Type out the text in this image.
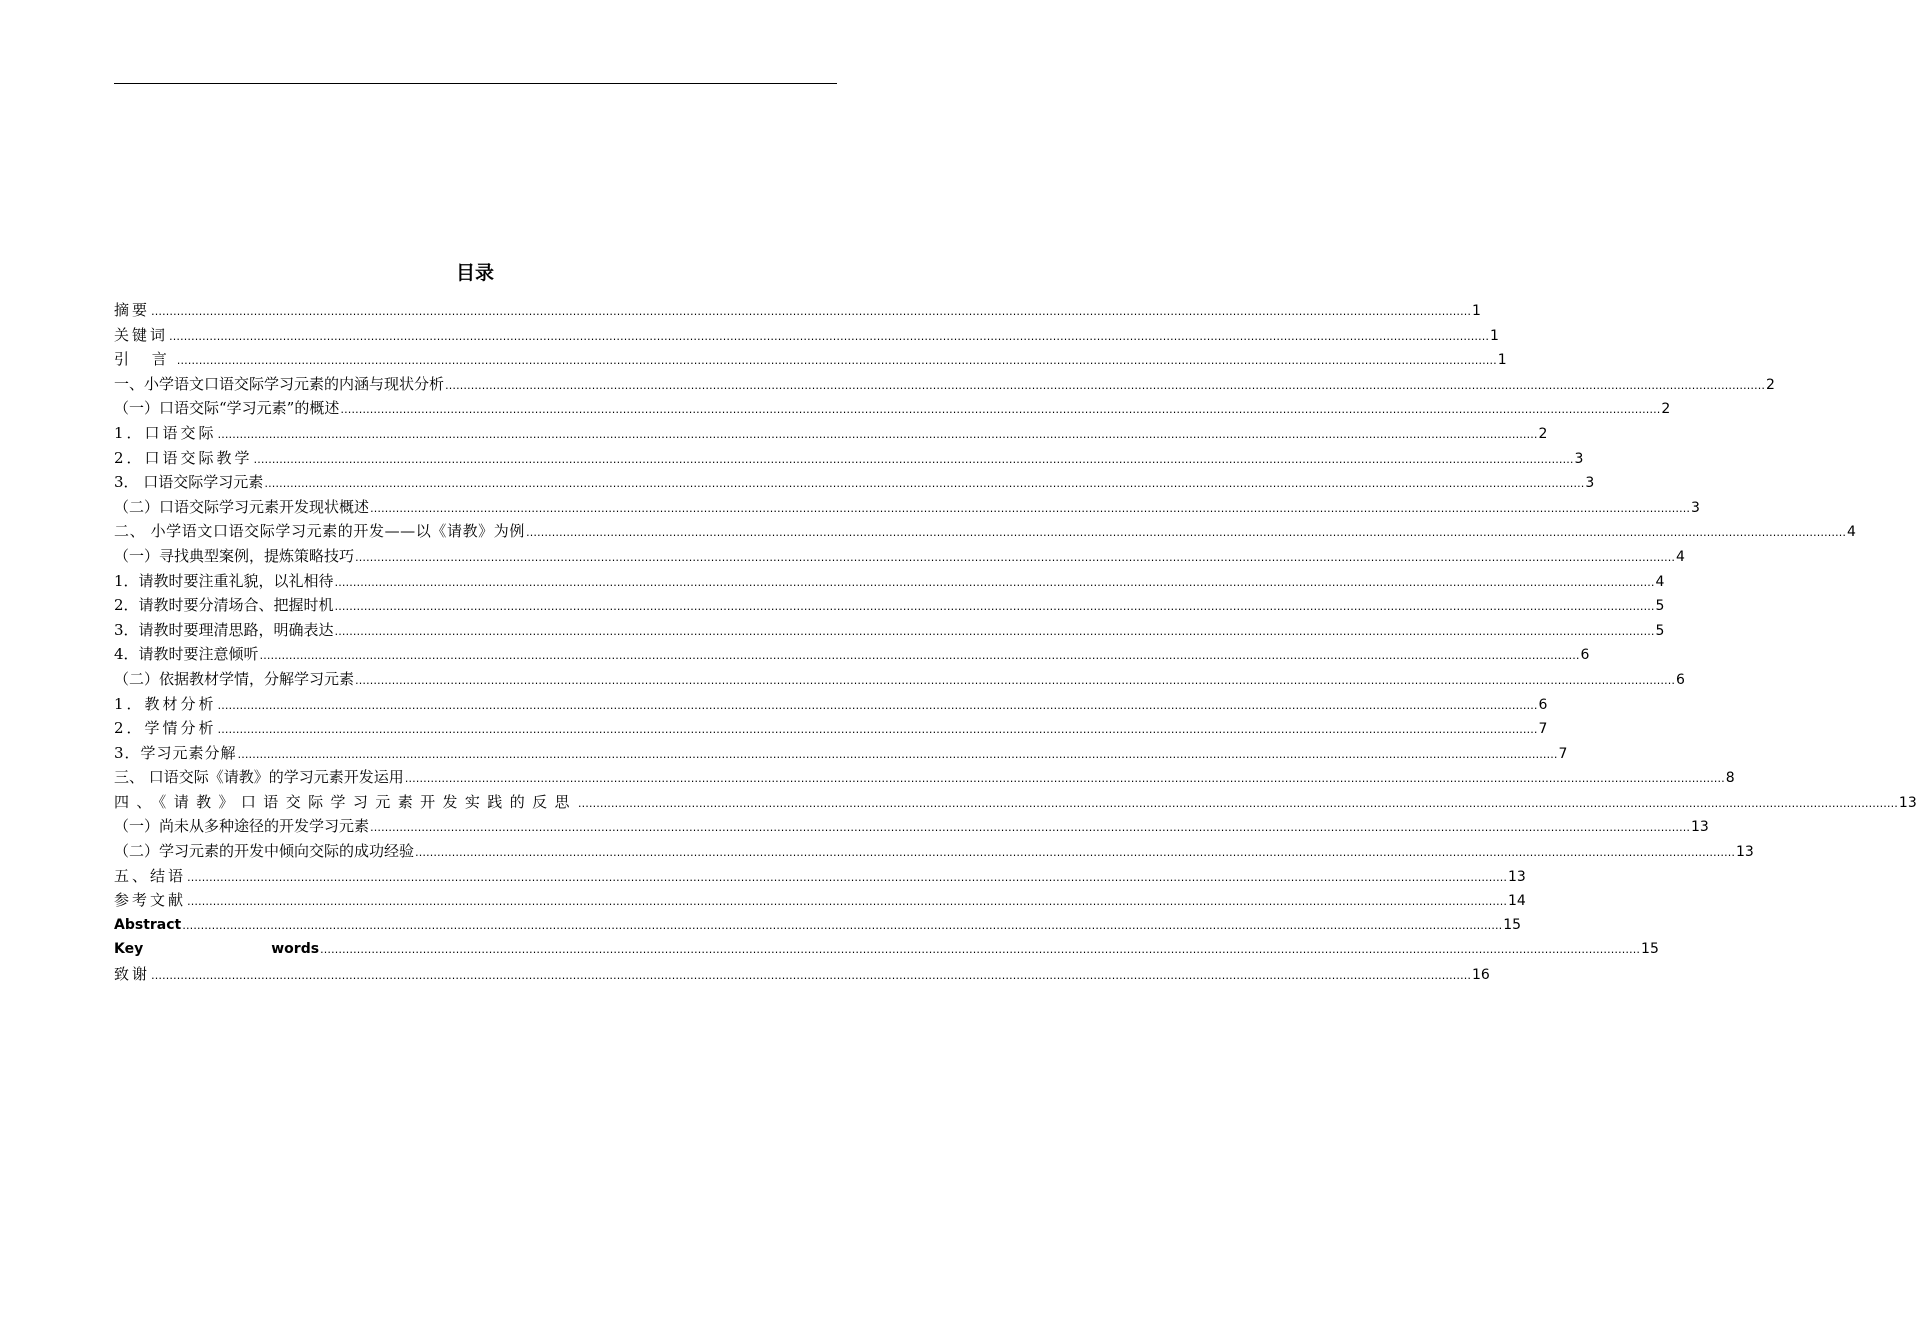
目录
摘要 ……………………………………………………………………………………………………………………………………………………………………………………………………………………………………………………………………………………………………………………………… 1
关键词 ……………………………………………………………………………………………………………………………………………………………………………………………………………………………………………………………………………………………………………………………… 1
引 言 ……………………………………………………………………………………………………………………………………………………………………………………………………………………………………………………………………………………………………………………………… 1
一、小学语文口语交际学习元素的内涵与现状分析 ……………………………………………………………………………………………………………………………………………………………………………………………………………………………………………………………………………………………………………………………… 2
（一）口语交际“学习元素”的概述 ……………………………………………………………………………………………………………………………………………………………………………………………………………………………………………………………………………………………………………………………… 2
1．口语交际 ……………………………………………………………………………………………………………………………………………………………………………………………………………………………………………………………………………………………………………………………… 2
2．口语交际教学 ……………………………………………………………………………………………………………………………………………………………………………………………………………………………………………………………………………………………………………………………… 3
3． 口语交际学习元素 ……………………………………………………………………………………………………………………………………………………………………………………………………………………………………………………………………………………………………………………………… 3
（二）口语交际学习元素开发现状概述 ……………………………………………………………………………………………………………………………………………………………………………………………………………………………………………………………………………………………………………………………… 3
二、 小学语文口语交际学习元素的开发——以《请教》为例 ……………………………………………………………………………………………………………………………………………………………………………………………………………………………………………………………………………………………………………………………… 4
（一）寻找典型案例，提炼策略技巧 ……………………………………………………………………………………………………………………………………………………………………………………………………………………………………………………………………………………………………………………………… 4
1．请教时要注重礼貌，以礼相待 ……………………………………………………………………………………………………………………………………………………………………………………………………………………………………………………………………………………………………………………………… 4
2．请教时要分清场合、把握时机 ……………………………………………………………………………………………………………………………………………………………………………………………………………………………………………………………………………………………………………………………… 5
3．请教时要理清思路，明确表达 ……………………………………………………………………………………………………………………………………………………………………………………………………………………………………………………………………………………………………………………………… 5
4．请教时要注意倾听 ……………………………………………………………………………………………………………………………………………………………………………………………………………………………………………………………………………………………………………………………… 6
（二）依据教材学情，分解学习元素 ……………………………………………………………………………………………………………………………………………………………………………………………………………………………………………………………………………………………………………………………… 6
1．教材分析 ……………………………………………………………………………………………………………………………………………………………………………………………………………………………………………………………………………………………………………………………… 6
2．学情分析 ……………………………………………………………………………………………………………………………………………………………………………………………………………………………………………………………………………………………………………………………… 7
3．学习元素分解 ……………………………………………………………………………………………………………………………………………………………………………………………………………………………………………………………………………………………………………………………… 7
三、 口语交际《请教》的学习元素开发运用 ……………………………………………………………………………………………………………………………………………………………………………………………………………………………………………………………………………………………………………………………… 8
四、《请教》口语交际学习元素开发实践的反思 ……………………………………………………………………………………………………………………………………………………………………………………………………………………………………………………………………………………………………………………………… 13
（一）尚未从多种途径的开发学习元素 ……………………………………………………………………………………………………………………………………………………………………………………………………………………………………………………………………………………………………………………………… 13
（二）学习元素的开发中倾向交际的成功经验 ……………………………………………………………………………………………………………………………………………………………………………………………………………………………………………………………………………………………………………………………… 13
五、结语 ……………………………………………………………………………………………………………………………………………………………………………………………………………………………………………………………………………………………………………………………… 13
参考文献 ……………………………………………………………………………………………………………………………………………………………………………………………………………………………………………………………………………………………………………………………… 14
Abstract ……………………………………………………………………………………………………………………………………………………………………………………………………………………………………………………………………………………………………………………………… 15
Key	words ……………………………………………………………………………………………………………………………………………………………………………………………………………………………………………………………………………………………………………………………… 15
致谢 ……………………………………………………………………………………………………………………………………………………………………………………………………………………………………………………………………………………………………………………………… 16
